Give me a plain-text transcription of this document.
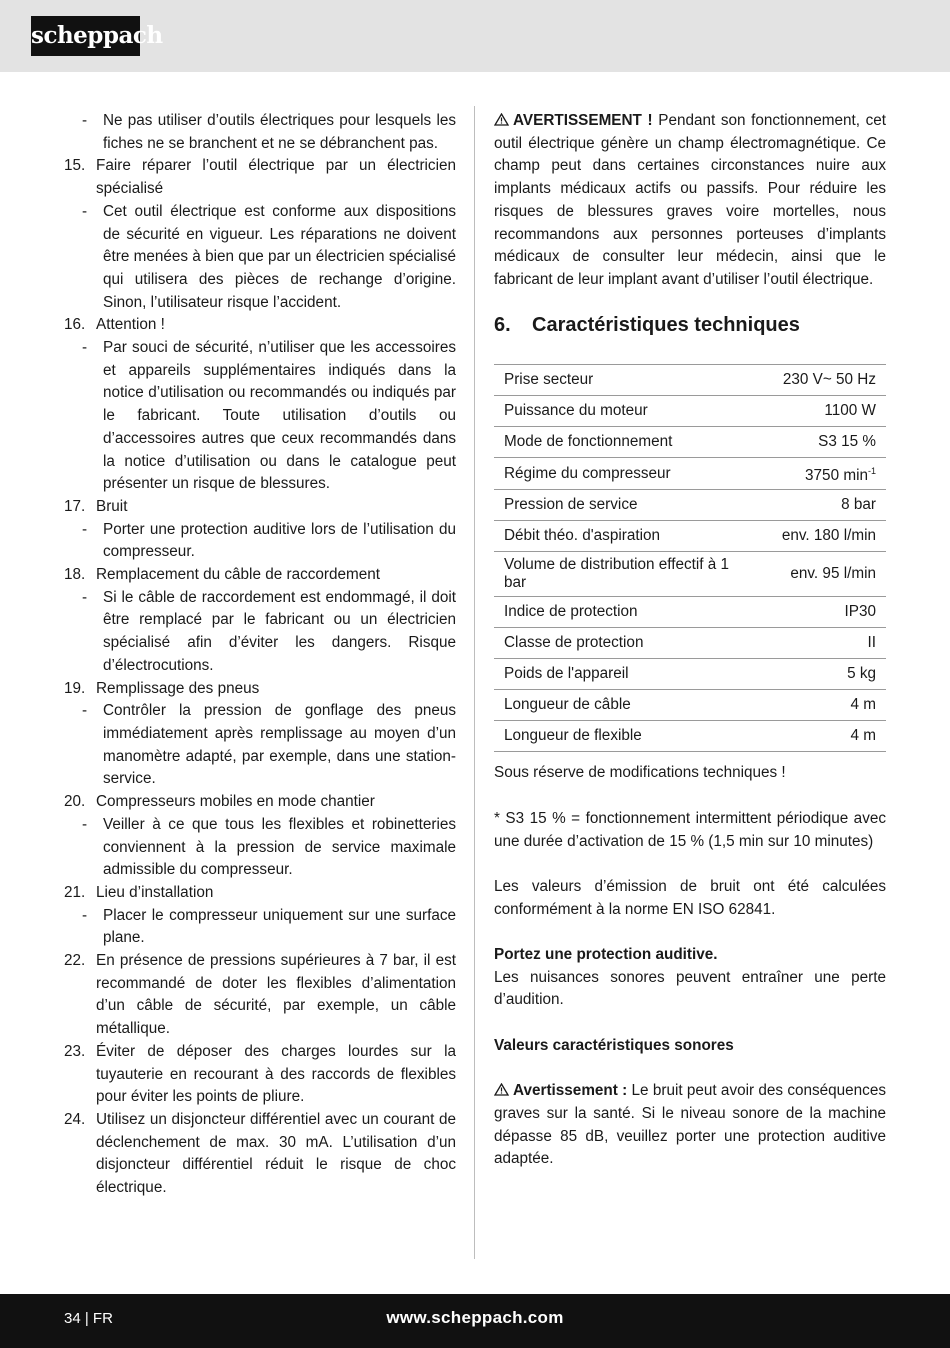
scheppach
-	Ne pas utiliser d’outils électriques pour lesquels les fiches ne se branchent et ne se débranchent pas.
15. Faire réparer l’outil électrique par un électricien spécialisé
-	Cet outil électrique est conforme aux dispositions de sécurité en vigueur. Les réparations ne doivent être menées à bien que par un électricien spécialisé qui utilisera des pièces de rechange d’origine. Sinon, l’utilisateur risque l’accident.
16. Attention !
-	Par souci de sécurité, n’utiliser que les accessoires et appareils supplémentaires indiqués dans la notice d’utilisation ou recommandés ou indiqués par le fabricant. Toute utilisation d’outils ou d’accessoires autres que ceux recommandés dans la notice d’utilisation ou dans le catalogue peut présenter un risque de blessures.
17. Bruit
-	Porter une protection auditive lors de l’utilisation du compresseur.
18. Remplacement du câble de raccordement
-	Si le câble de raccordement est endommagé, il doit être remplacé par le fabricant ou un électricien spécialisé afin d’éviter les dangers. Risque d’électrocutions.
19. Remplissage des pneus
-	Contrôler la pression de gonflage des pneus immédiatement après remplissage au moyen d’un manomètre adapté, par exemple, dans une station-service.
20. Compresseurs mobiles en mode chantier
-	Veiller à ce que tous les flexibles et robinetteries conviennent à la pression de service maximale admissible du compresseur.
21. Lieu d’installation
-	Placer le compresseur uniquement sur une surface plane.
22. En présence de pressions supérieures à 7 bar, il est recommandé de doter les flexibles d’alimentation d’un câble de sécurité, par exemple, un câble métallique.
23. Éviter de déposer des charges lourdes sur la tuyauterie en recourant à des raccords de flexibles pour éviter les points de pliure.
24. Utilisez un disjoncteur différentiel avec un courant de déclenchement de max. 30 mA. L’utilisation d’un disjoncteur différentiel réduit le risque de choc électrique.

AVERTISSEMENT ! Pendant son fonctionnement, cet outil électrique génère un champ électromagnétique. Ce champ peut dans certaines circonstances nuire aux implants médicaux actifs ou passifs. Pour réduire les risques de blessures graves voire mortelles, nous recommandons aux personnes porteuses d’implants médicaux de consulter leur médecin, ainsi que le fabricant de leur implant avant d’utiliser l’outil électrique.

6.	Caractéristiques techniques
Prise secteur	230 V~ 50 Hz
Puissance du moteur	1100 W
Mode de fonctionnement	S3 15 %
Régime du compresseur	3750 $\min^{-1}$
Pression de service	8 bar
Débit théo. d'aspiration	env. 180 l/min
Volume de distribution effectif à 1 bar	env. 95 l/min
Indice de protection	IP30
Classe de protection	II
Poids de l'appareil	5 kg
Longueur de câble	4 m
Longueur de flexible	4 m

Sous réserve de modifications techniques !

* S3 15 % = fonctionnement intermittent périodique avec une durée d’activation de 15 % (1,5 min sur 10 minutes)

Les valeurs d’émission de bruit ont été calculées conformément à la norme EN ISO 62841.

Portez une protection auditive.

Les nuisances sonores peuvent entraîner une perte d’audition.

Valeurs caractéristiques sonores

Avertissement : Le bruit peut avoir des conséquences graves sur la santé. Si le niveau sonore de la machine dépasse 85 dB, veuillez porter une protection auditive adaptée.

34 | FR	www.scheppach.com
